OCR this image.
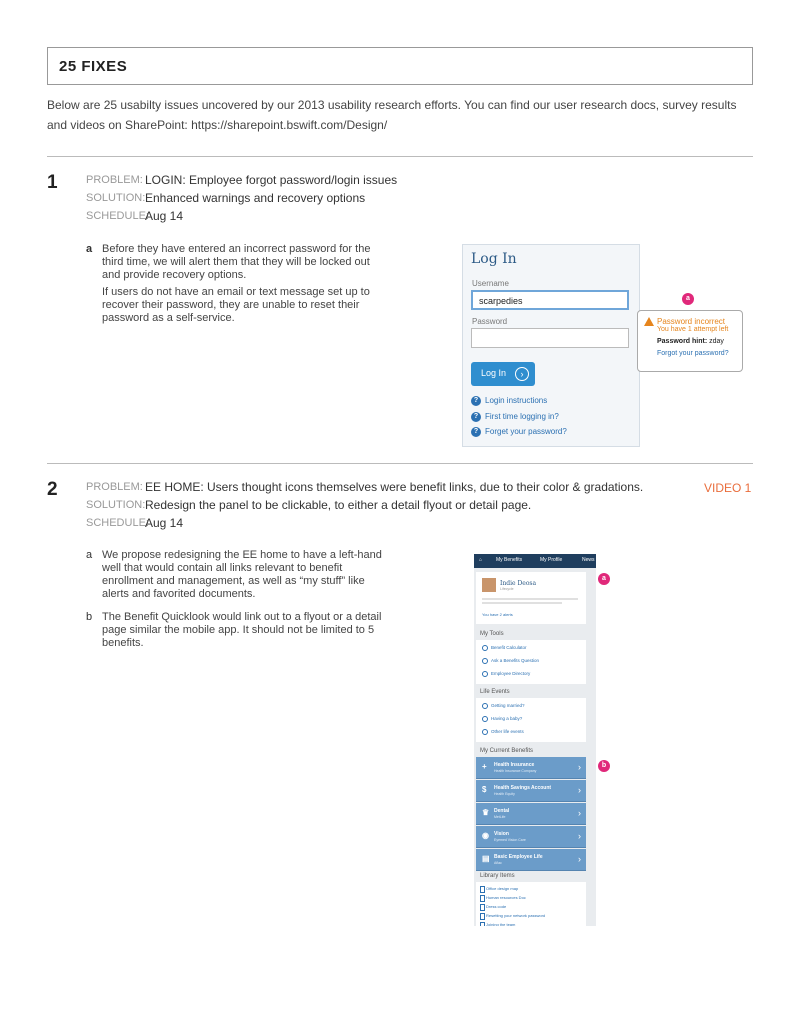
25 FIXES
Below are 25 usabilty issues uncovered by our 2013 usability research efforts. You can find our user research docs, survey results and videos on SharePoint: https://sharepoint.bswift.com/Design/
1	PROBLEM: LOGIN: Employee forgot password/login issues
SOLUTION: Enhanced warnings and recovery options
SCHEDULE:
Aug 14
a Before they have entered an incorrect password for the third time, we will alert them that they will be locked out and provide recovery options.
If users do not have an email or text message set up to recover their password, they are unable to reset their password as a self-service.
Log In
Username
scarpedies
Password
Log In	›
? Login instructions
? First time logging in?
? Forget your password?
a
Password incorrect
You have 1 attempt left
Password hint: zday
Forgot your password?
2	PROBLEM: EE HOME: Users thought icons themselves were benefit links, due to their color & gradations.	VIDEO 1
SOLUTION: Redesign the panel to be clickable, to either a detail flyout or detail page.
SCHEDULE:
Aug 14
a We propose redesigning the EE home to have a left-hand well that would contain all links relevant to benefit enrollment and management, as well as “my stuff” like alerts and favorited documents.
b The Benefit Quicklook would link out to a flyout or a detail page similar the mobile app. It should not be limited to 5 benefits.
⌂	My Benefits	My Profile	News
Indie Deosa
Lifecycle
You have 2 alerts
My Tools
Benefit Calculator
Ask a Benefits Question
Employee Directory
Life Events
Getting married?
Having a baby?
Other life events
My Current Benefits
+ Health Insurance
Health Insurance Company	›
$ Health Savings Account
Health Equity	›
♛ Dental
MetLife	›
◉ Vision
Eyemed Vision Care	›
▤ Basic Employee Life
Aflac	›
Library Items
Office design map
Human resources Doc
Dress code
Resetting your network password
Joining the team
a
b
